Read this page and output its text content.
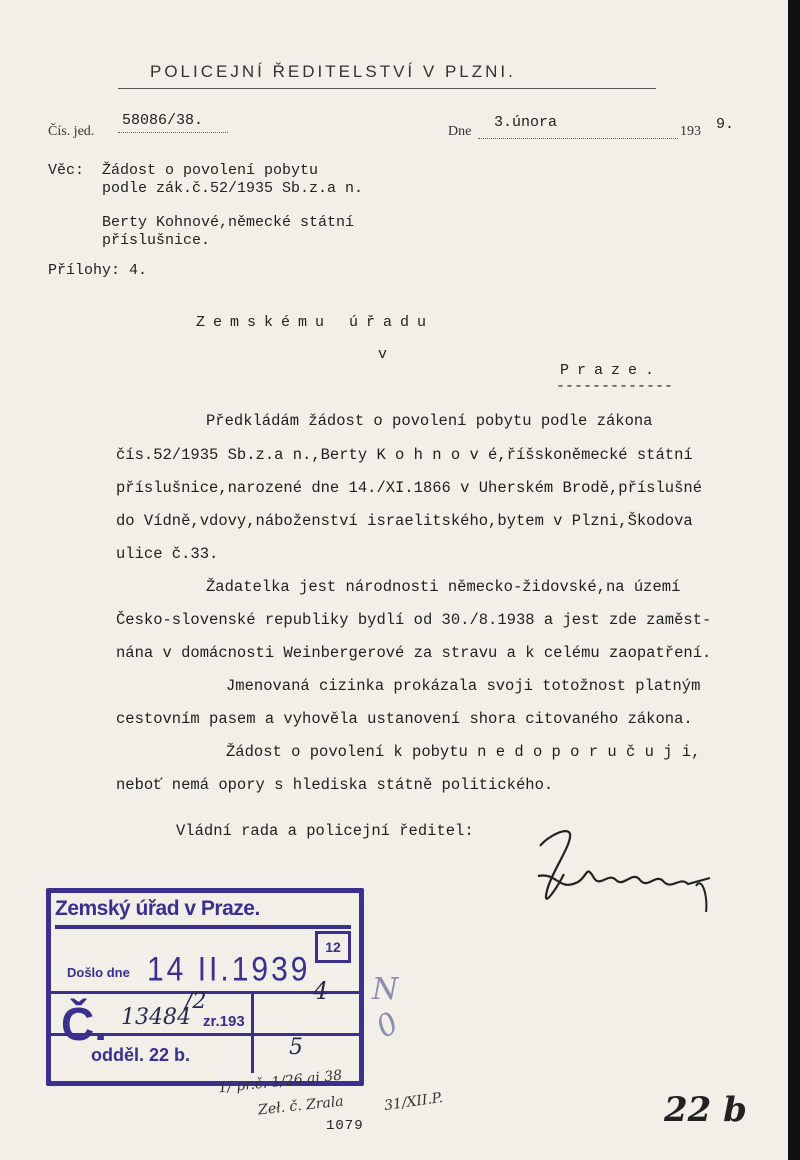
POLICEJNÍ ŘEDITELSTVÍ V PLZNI.
Čís. jed.
58086/38.
Dne
3.února
193 9.
Věc: Žádost o povolení pobytu
podle zák.č.52/1935 Sb.z.a n.
Berty Kohnové,německé státní
příslušnice.
Přílohy: 4.
Zemskému úřadu
v
Praze.
-------------
Předkládám žádost o povolení pobytu podle zákona
čís.52/1935 Sb.z.a n.,Berty K o h n o v é,říšskoněmecké státní
příslušnice,narozené dne 14./XI.1866 v Uherském Brodě,příslušné
do Vídně,vdovy,náboženství israelitského,bytem v Plzni,Škodova
ulice č.33.
Žadatelka jest národnosti německo-židovské,na území
Česko-slovenské republiky bydlí od 30./8.1938 a jest zde zaměst-
nána v domácnosti Weinbergerové za stravu a k celému zaopatření.
Jmenovaná cizinka prokázala svoji totožnost platným
cestovním pasem a vyhověla ustanovení shora citovaného zákona.
Žádost o povolení k pobytu n e d o p o r u č u j i,
neboť nemá opory s hlediska státně politického.
Vládní rada a policejní ředitel:
Zemský úřad v Praze.
12
Došlo dne 14 II.1939
Č. 13484
/2
zr.193
odděl. 22 b.
4
5
N
0
1/ pr.č. 1/26 ai 38
Zeł. č. Zrala	31/XII.P.
1079	22 b
